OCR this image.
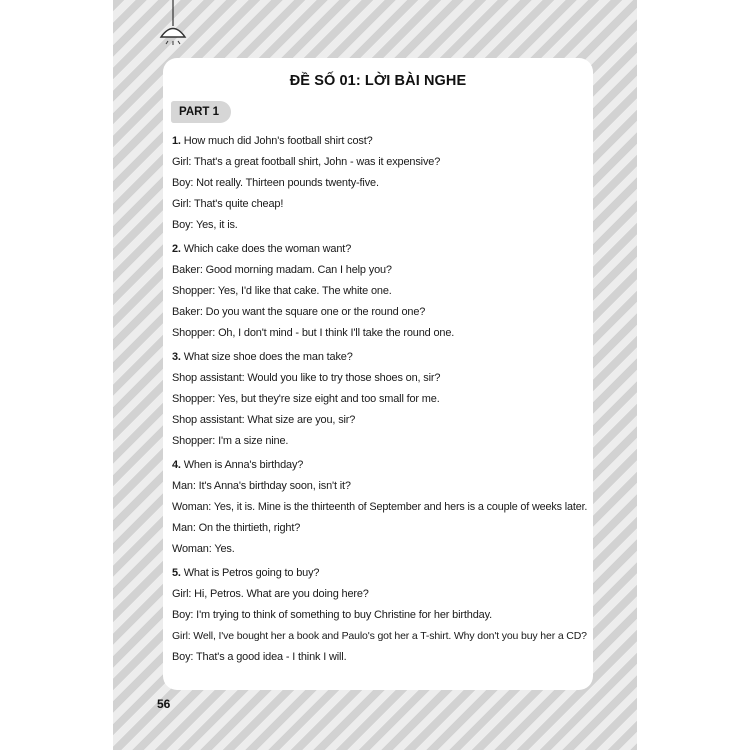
ĐỀ SỐ 01: LỜI BÀI NGHE
PART 1
1. How much did John's football shirt cost?
Girl: That's a great football shirt, John - was it expensive?
Boy: Not really. Thirteen pounds twenty-five.
Girl: That's quite cheap!
Boy: Yes, it is.
2. Which cake does the woman want?
Baker: Good morning madam. Can I help you?
Shopper: Yes, I'd like that cake. The white one.
Baker: Do you want the square one or the round one?
Shopper: Oh, I don't mind - but I think I'll take the round one.
3. What size shoe does the man take?
Shop assistant: Would you like to try those shoes on, sir?
Shopper: Yes, but they're size eight and too small for me.
Shop assistant: What size are you, sir?
Shopper: I'm a size nine.
4. When is Anna's birthday?
Man: It's Anna's birthday soon, isn't it?
Woman: Yes, it is. Mine is the thirteenth of September and hers is a couple of weeks later.
Man: On the thirtieth, right?
Woman: Yes.
5. What is Petros going to buy?
Girl: Hi, Petros. What are you doing here?
Boy: I'm trying to think of something to buy Christine for her birthday.
Girl: Well, I've bought her a book and Paulo's got her a T-shirt. Why don't you buy her a CD?
Boy: That's a good idea - I think I will.
56
